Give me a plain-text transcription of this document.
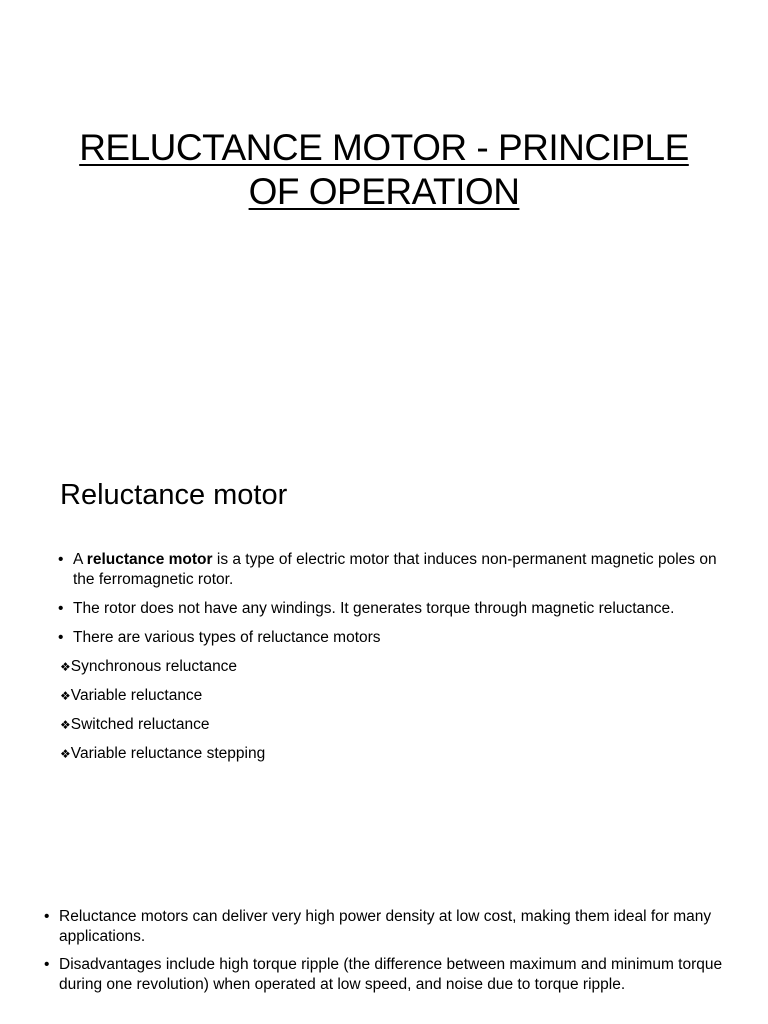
RELUCTANCE MOTOR - PRINCIPLE
OF OPERATION
Reluctance motor
• A reluctance motor is a type of electric motor that induces non-permanent magnetic poles on the ferromagnetic rotor.
• The rotor does not have any windings. It generates torque through magnetic reluctance.
• There are various types of reluctance motors
❖Synchronous reluctance
❖Variable reluctance
❖Switched reluctance
❖Variable reluctance stepping
• Reluctance motors can deliver very high power density at low cost, making them ideal for many applications.
• Disadvantages include high torque ripple (the difference between maximum and minimum torque during one revolution) when operated at low speed, and noise due to torque ripple.
